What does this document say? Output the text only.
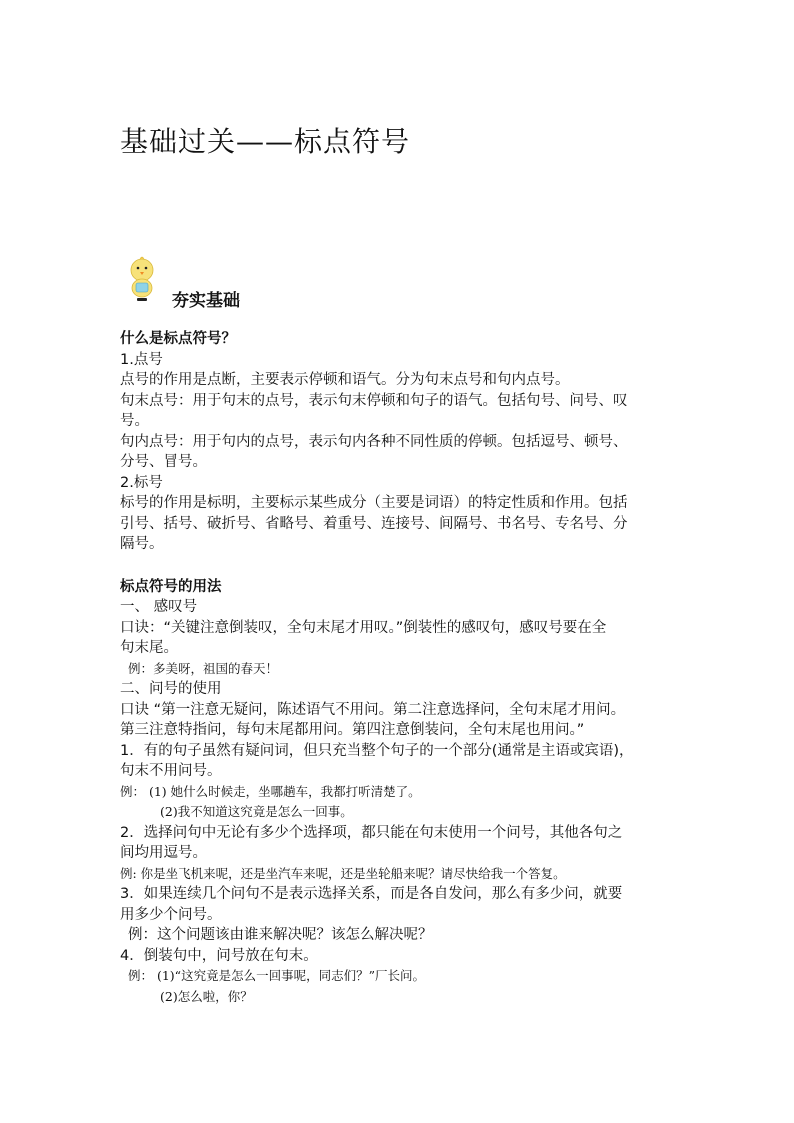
基础过关——标点符号
夯实基础
什么是标点符号？
1.点号
点号的作用是点断，主要表示停顿和语气。分为句末点号和句内点号。
句末点号：用于句末的点号，表示句末停顿和句子的语气。包括句号、问号、叹
号。
句内点号：用于句内的点号，表示句内各种不同性质的停顿。包括逗号、顿号、
分号、冒号。
2.标号
标号的作用是标明，主要标示某些成分（主要是词语）的特定性质和作用。包括
引号、括号、破折号、省略号、着重号、连接号、间隔号、书名号、专名号、分
隔号。
标点符号的用法
一、 感叹号
口诀：“关键注意倒装叹，全句末尾才用叹。”倒装性的感叹句，感叹号要在全
句末尾。
例：多美呀，祖国的春天！
二、问号的使用
口诀 “第一注意无疑问，陈述语气不用问。第二注意选择问，全句末尾才用问。
第三注意特指问，每句末尾都用问。第四注意倒装问，全句末尾也用问。”
1．有的句子虽然有疑问词，但只充当整个句子的一个部分(通常是主语或宾语)，
句末不用问号。
例： (1) 她什么时候走，坐哪趟车，我都打听清楚了。
(2)我不知道这究竟是怎么一回事。
2．选择问句中无论有多少个选择项，都只能在句末使用一个问号，其他各句之
间均用逗号。
例: 你是坐飞机来呢，还是坐汽车来呢，还是坐轮船来呢？请尽快给我一个答复。
3．如果连续几个问句不是表示选择关系，而是各自发问，那么有多少问，就要
用多少个问号。
例：这个问题该由谁来解决呢？该怎么解决呢？
4．倒装句中，问号放在句末。
例： (1)“这究竟是怎么一回事呢，同志们？”厂长问。
(2)怎么啦，你？
